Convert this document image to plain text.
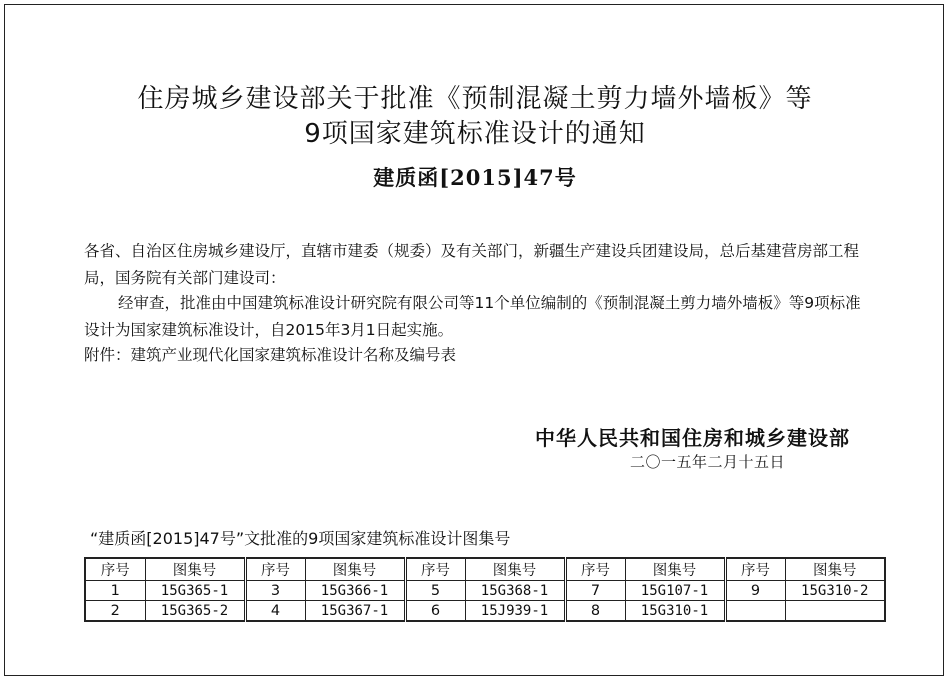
住房城乡建设部关于批准《预制混凝土剪力墙外墙板》等
9项国家建筑标准设计的通知
建质函[2015]47号
各省、自治区住房城乡建设厅，直辖市建委（规委）及有关部门，新疆生产建设兵团建设局，总后基建营房部工程局，国务院有关部门建设司：
经审查，批准由中国建筑标准设计研究院有限公司等11个单位编制的《预制混凝土剪力墙外墙板》等9项标准设计为国家建筑标准设计，自2015年3月1日起实施。
附件：建筑产业现代化国家建筑标准设计名称及编号表
中华人民共和国住房和城乡建设部
二〇一五年二月十五日
“建质函[2015]47号”文批准的9项国家建筑标准设计图集号
序号	图集号	序号	图集号	序号	图集号	序号	图集号	序号	图集号
1	15G365-1	3	15G366-1	5	15G368-1	7	15G107-1	9	15G310-2
2	15G365-2	4	15G367-1	6	15J939-1	8	15G310-1		
